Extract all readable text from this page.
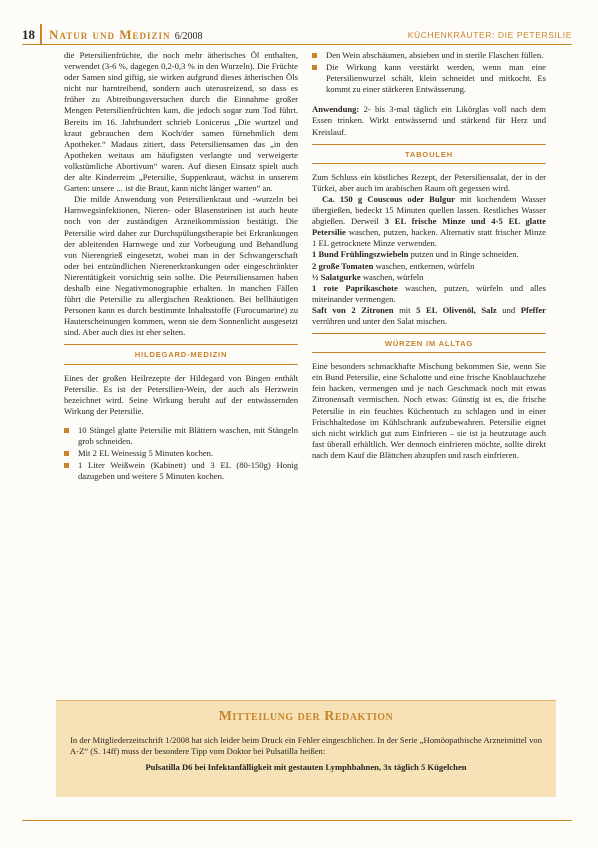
18 Natur und Medizin 6/2008	KÜCHENKRÄUTER: DIE PETERSILIE

die Petersilienfrüchte, die noch mehr ätherisches Öl enthalten, verwendet (3-6 %, dagegen 0,2-0,3 % in den Wurzeln). Die Früchte oder Samen sind giftig, sie wirken aufgrund dieses ätherischen Öls nicht nur harntreibend, sondern auch uterusreizend, so dass es früher zu Abtreibungsversuchen durch die Einnahme großer Mengen Petersilienfrüchten kam, die jedoch sogar zum Tod führt. Bereits im 16. Jahrhundert schrieb Lonicerus „Die wurtzel und kraut gebrauchen dem Koch/der samen fürnehmlich dem Apotheker.“ Madaus zitiert, dass Petersiliensamen das „in den Apotheken weitaus am häufigsten verlangte und verweigerte volkstümliche Abortivum“ waren. Auf diesen Einsatz spielt auch der alte Kinderreim „Petersilie, Suppenkraut, wächst in unserem Garten: unsere ... ist die Braut, kann nicht länger warten“ an.

Die milde Anwendung von Petersilienkraut und -wurzeln bei Harnwegsinfektionen, Nieren- oder Blasensteinen ist auch heute noch von der zuständigen Arzneikommission bestätigt. Die Petersilie wird daher zur Durchspülungstherapie bei Erkrankungen der ableitenden Harnwege und zur Vorbeugung und Behandlung von Nierengrieß eingesetzt, wobei man in der Schwangerschaft oder bei entzündlichen Nierenerkrankungen oder eingeschränkter Nierentätigkeit vorsichtig sein sollte. Die Petersiliensamen haben deshalb eine Negativmonographie erhalten. In manchen Fällen führt die Petersilie zu allergischen Reaktionen. Bei hellhäutigen Personen kann es durch bestimmte Inhaltsstoffe (Furocumarine) zu Hauterscheinungen kommen, wenn sie dem Sonnenlicht ausgesetzt sind. Aber auch dies ist eher selten.

HILDEGARD-MEDIZIN

Eines der großen Heilrezepte der Hildegard von Bingen enthält Petersilie. Es ist der Petersilien-Wein, der auch als Herzwein bezeichnet wird. Seine Wirkung beruht auf der entwässernden Wirkung der Petersilie.

10 Stängel glatte Petersilie mit Blättern waschen, mit Stängeln grob schneiden.
Mit 2 EL Weinessig 5 Minuten kochen.
1 Liter Weißwein (Kabinett) und 3 EL (80-150g) Honig dazugeben und weitere 5 Minuten kochen.
Den Wein abschäumen, absieben und in sterile Flaschen füllen.
Die Wirkung kann verstärkt werden, wenn man eine Petersilienwurzel schält, klein schneidet und mitkocht. Es kommt zu einer stärkeren Entwässerung.

Anwendung: 2- bis 3-mal täglich ein Likörglas voll nach dem Essen trinken. Wirkt entwässernd und stärkend für Herz und Kreislauf.

TABOULEH

Zum Schluss ein köstliches Rezept, der Petersiliensalat, der in der Türkei, aber auch im arabischen Raum oft gegessen wird.

Ca. 150 g Couscous oder Bulgur mit kochendem Wasser übergießen, bedeckt 15 Minuten quellen lassen. Restliches Wasser abgießen. Derweil 3 EL frische Minze und 4-5 EL glatte Petersilie waschen, putzen, hacken. Alternativ statt frischer Minze 1 EL getrocknete Minze verwenden.

1 Bund Frühlingszwiebeln putzen und in Ringe schneiden.

2 große Tomaten waschen, entkernen, würfeln

½ Salatgurke waschen, würfeln

1 rote Paprikaschote waschen, putzen, würfeln und alles miteinander vermengen.

Saft von 2 Zitronen mit 5 EL Olivenöl, Salz und Pfeffer verrühren und unter den Salat mischen.

WÜRZEN IM ALLTAG

Eine besonders schmackhafte Mischung bekommen Sie, wenn Sie ein Bund Petersilie, eine Schalotte und eine frische Knoblauchzehe fein hacken, vermengen und je nach Geschmack noch mit etwas Zitronensaft vermischen. Noch etwas: Günstig ist es, die frische Petersilie in ein feuchtes Küchentuch zu schlagen und in einer Frischhaltedose im Kühlschrank aufzubewahren. Petersilie eignet sich nicht wirklich gut zum Einfrieren – sie ist ja heutzutage auch fast überall erhältlich. Wer dennoch einfrieren möchte, sollte direkt nach dem Kauf die Blättchen abzupfen und rasch einfrieren.

Mitteilung der Redaktion
In der Mitgliederzeitschrift 1/2008 hat sich leider beim Druck ein Fehler eingeschlichen. In der Serie „Homöopathische Arzneimittel von A-Z“ (S. 14ff) muss der besondere Tipp vom Doktor bei Pulsatilla heißen:
Pulsatilla D6 bei Infektanfälligkeit mit gestauten Lymphbahnen, 3x täglich 5 Kügelchen
